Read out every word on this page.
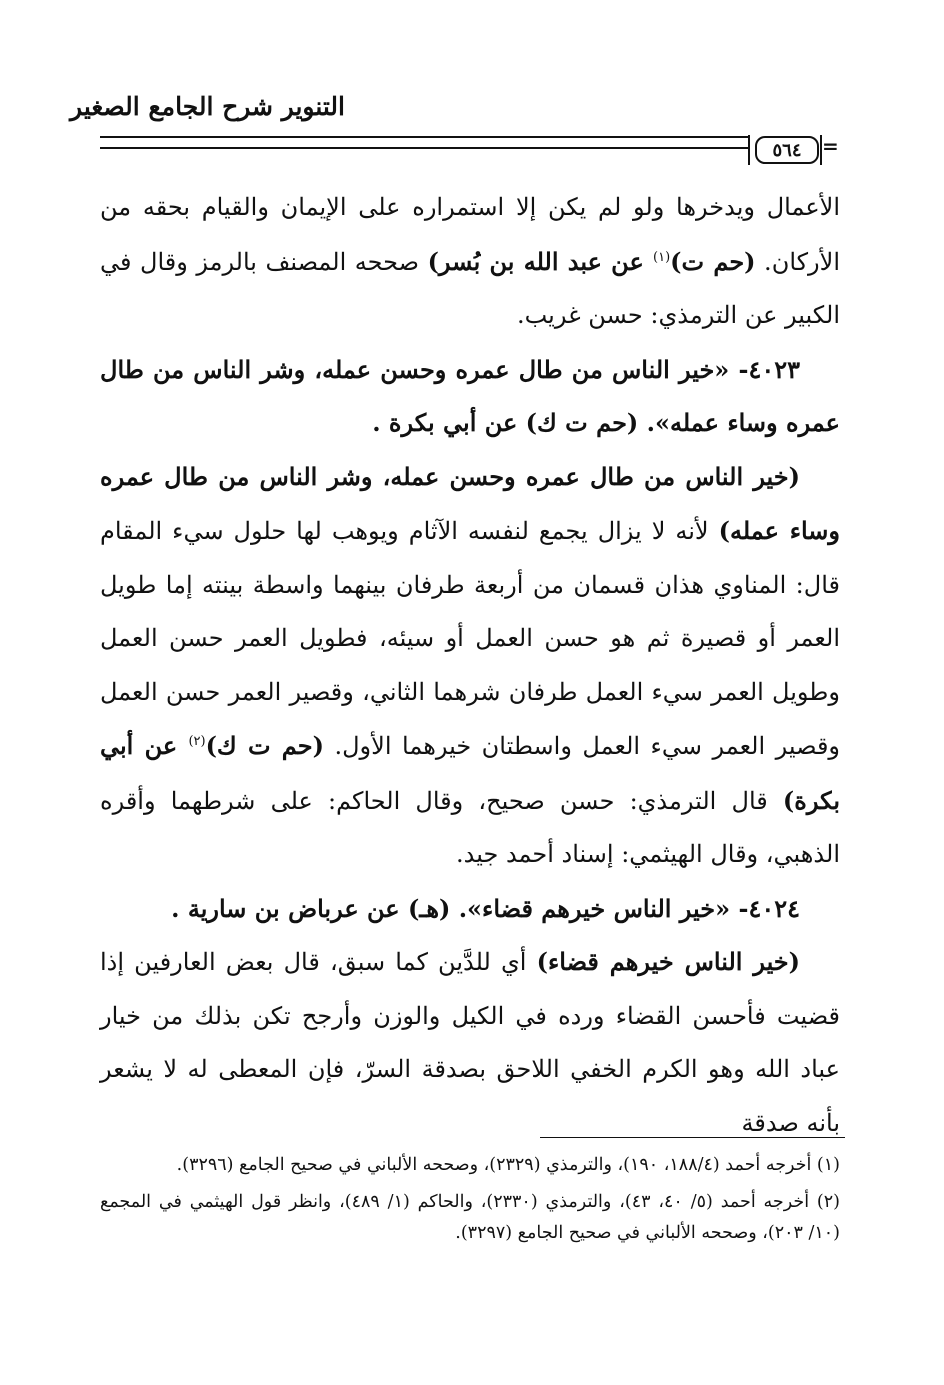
التنوير شرح الجامع الصغير
٥٦٤	=

الأعمال ويدخرها ولو لم يكن إلا استمراره على الإيمان والقيام بحقه من الأركان. (حم ت)$^{(١)}$ عن عبد الله بن بُسر) صححه المصنف بالرمز وقال في الكبير عن الترمذي: حسن غريب.

٤٠٢٣- «خير الناس من طال عمره وحسن عمله، وشر الناس من طال عمره وساء عمله». (حم ت ك) عن أبي بكرة .

(خير الناس من طال عمره وحسن عمله، وشر الناس من طال عمره وساء عمله) لأنه لا يزال يجمع لنفسه الآثام ويوهب لها حلول سيء المقام قال: المناوي هذان قسمان من أربعة طرفان بينهما واسطة بينته إما طويل العمر أو قصيرة ثم هو حسن العمل أو سيئه، فطويل العمر حسن العمل وطويل العمر سيء العمل طرفان شرهما الثاني، وقصير العمر حسن العمل وقصير العمر سيء العمل واسطتان خيرهما الأول. (حم ت ك)$^{(٢)}$ عن أبي بكرة) قال الترمذي: حسن صحيح، وقال الحاكم: على شرطهما وأقره الذهبي، وقال الهيثمي: إسناد أحمد جيد.

٤٠٢٤- «خير الناس خيرهم قضاء». (هـ) عن عرباض بن سارية .

(خير الناس خيرهم قضاء) أي للدَّين كما سبق، قال بعض العارفين إذا قضيت فأحسن القضاء ورده في الكيل والوزن وأرجح تكن بذلك من خيار عباد الله وهو الكرم الخفي اللاحق بصدقة السرّ، فإن المعطى له لا يشعر بأنه صدقة

(١) أخرجه أحمد (١٨٨/٤، ١٩٠)، والترمذي (٢٣٢٩)، وصححه الألباني في صحيح الجامع (٣٢٩٦).

(٢) أخرجه أحمد (٥/ ٤٠، ٤٣)، والترمذي (٢٣٣٠)، والحاكم (١/ ٤٨٩)، وانظر قول الهيثمي في المجمع (١٠/ ٢٠٣)، وصححه الألباني في صحيح الجامع (٣٢٩٧).
